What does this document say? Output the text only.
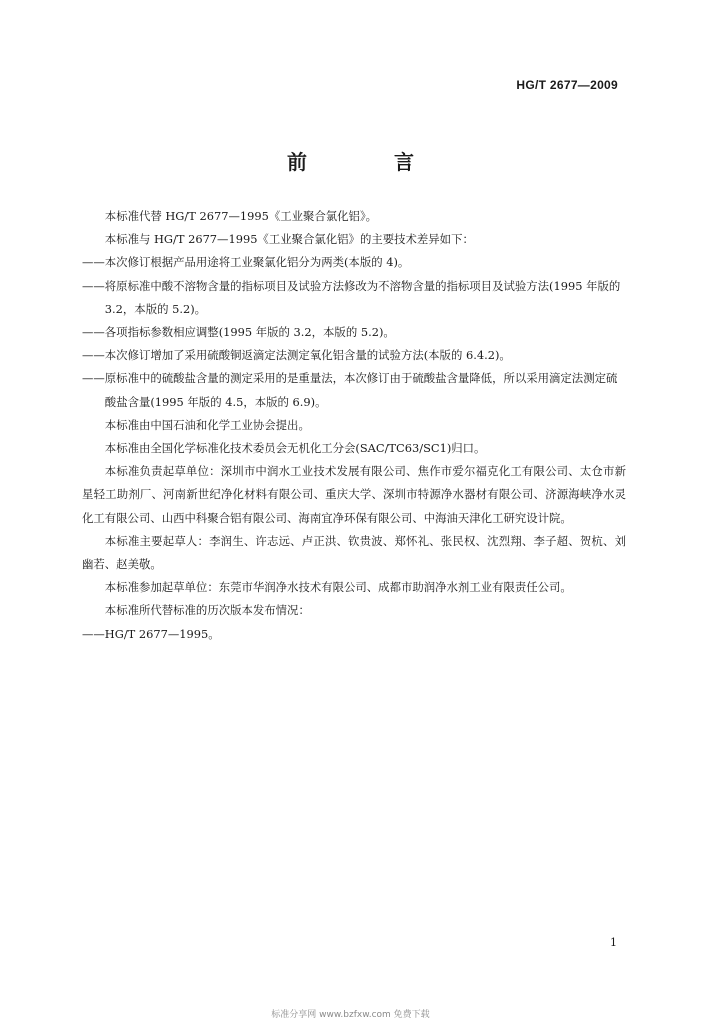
HG/T 2677—2009
前 言

本标准代替 HG/T 2677—1995《工业聚合氯化铝》。

本标准与 HG/T 2677—1995《工业聚合氯化铝》的主要技术差异如下：

——本次修订根据产品用途将工业聚氯化铝分为两类(本版的 4)。

——将原标准中酸不溶物含量的指标项目及试验方法修改为不溶物含量的指标项目及试验方法(1995 年版的 3.2，本版的 5.2)。

——各项指标参数相应调整(1995 年版的 3.2，本版的 5.2)。

——本次修订增加了采用硫酸铜返滴定法测定氧化铝含量的试验方法(本版的 6.4.2)。

——原标准中的硫酸盐含量的测定采用的是重量法，本次修订由于硫酸盐含量降低，所以采用滴定法测定硫酸盐含量(1995 年版的 4.5，本版的 6.9)。

本标准由中国石油和化学工业协会提出。

本标准由全国化学标准化技术委员会无机化工分会(SAC/TC63/SC1)归口。

本标准负责起草单位：深圳市中润水工业技术发展有限公司、焦作市爱尔福克化工有限公司、太仓市新星轻工助剂厂、河南新世纪净化材料有限公司、重庆大学、深圳市特源净水器材有限公司、济源海峡净水灵化工有限公司、山西中科聚合铝有限公司、海南宜净环保有限公司、中海油天津化工研究设计院。

本标准主要起草人：李润生、许志远、卢正洪、钦贵波、郑怀礼、张民权、沈烈翔、李子超、贺杭、刘幽若、赵美敬。

本标准参加起草单位：东莞市华润净水技术有限公司、成都市助润净水剂工业有限责任公司。

本标准所代替标准的历次版本发布情况：

——HG/T 2677—1995。

1
标准分享网 www.bzfxw.com 免费下载
